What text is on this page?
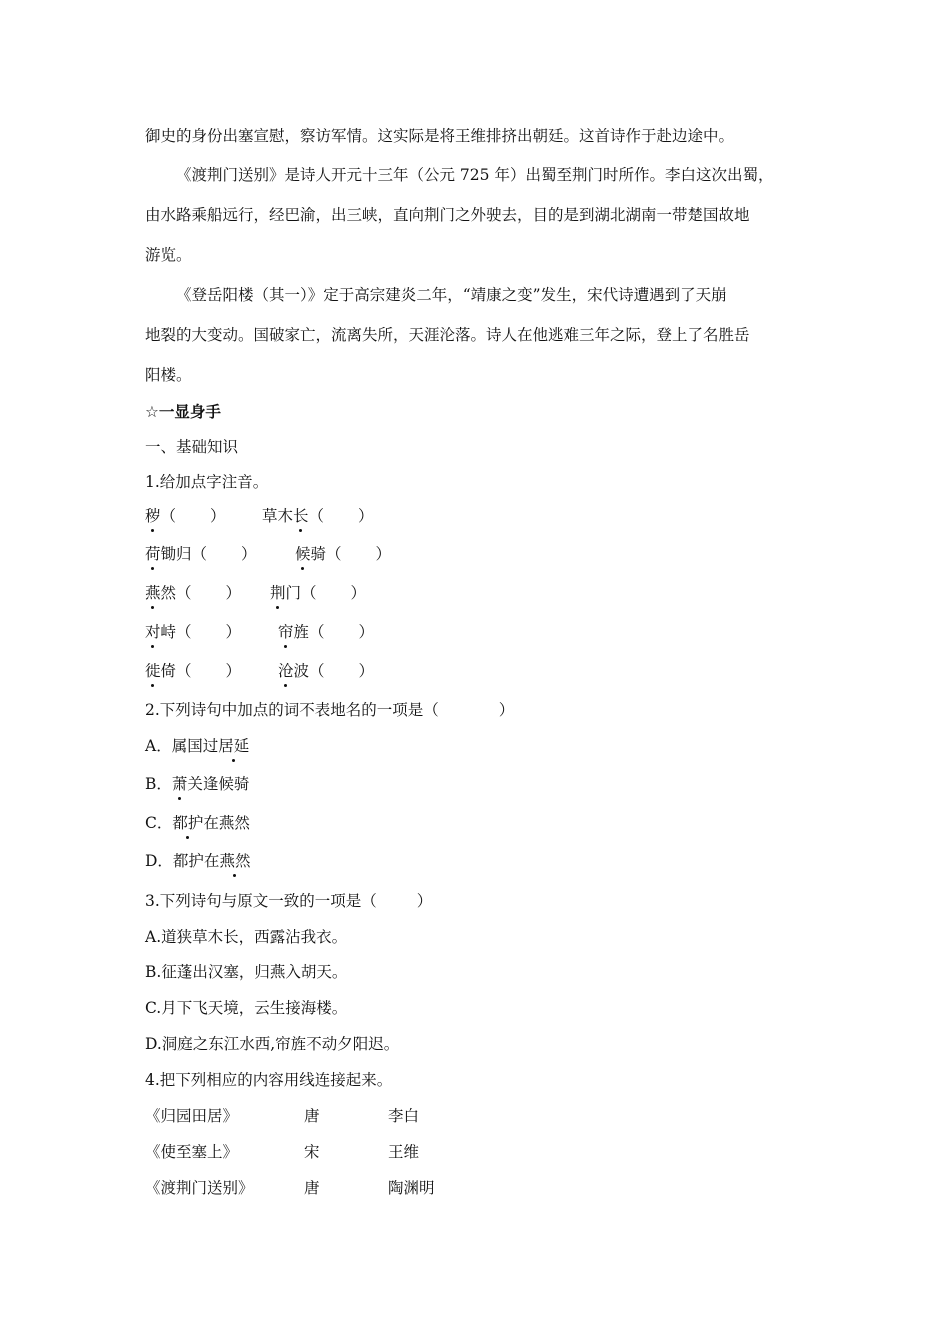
御史的身份出塞宣慰，察访军情。这实际是将王维排挤出朝廷。这首诗作于赴边途中。
《渡荆门送别》是诗人开元十三年（公元 725 年）出蜀至荆门时所作。李白这次出蜀，
由水路乘船远行，经巴渝，出三峡，直向荆门之外驶去，目的是到湖北湖南一带楚国故地
游览。
《登岳阳楼（其一）》定于高宗建炎二年，“靖康之变”发生，宋代诗遭遇到了天崩
地裂的大变动。国破家亡，流离失所，天涯沦落。诗人在他逃难三年之际，登上了名胜岳
阳楼。
☆一显身手
一、基础知识
1.给加点字注音。
秽（ ） 草木长（ ）
荷锄归（ ） 候骑（ ）
燕然（ ） 荆门（ ）
对峙（ ） 帘旌（ ）
徙倚（ ） 沧波（ ）
2.下列诗句中加点的词不表地名的一项是（	）
A．属国过居延
B．萧关逢候骑
C．都护在燕然
D．都护在燕然
3.下列诗句与原文一致的一项是（	）
A.道狭草木长，西露沾我衣。
B.征蓬出汉塞，归燕入胡天。
C.月下飞天境，云生接海楼。
D.洞庭之东江水西,帘旌不动夕阳迟。
4.把下列相应的内容用线连接起来。
《归园田居》	唐	李白
《使至塞上》	宋	王维
《渡荆门送别》	唐	陶渊明
